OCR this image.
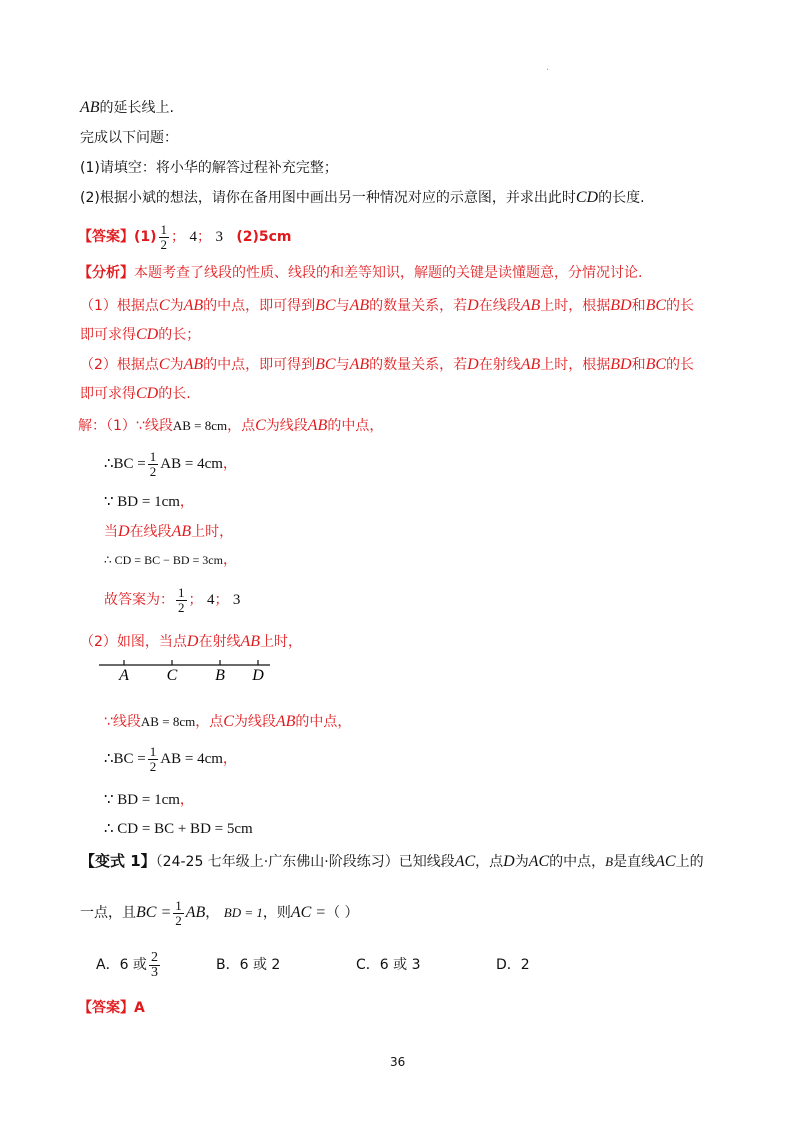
.
AB的延长线上.
完成以下问题：
(1)请填空：将小华的解答过程补充完整；
(2)根据小斌的想法，请你在备用图中画出另一种情况对应的示意图，并求出此时CD的长度.
【答案】$(1) \frac{1}{2}$ ； 4； 3 (2)5cm
【分析】本题考查了线段的性质、线段的和差等知识，解题的关键是读懂题意，分情况讨论.
（1）根据点C为AB的中点，即可得到BC与AB的数量关系，若D在线段AB上时，根据BD和BC的长
即可求得CD的长；
（2）根据点C为AB的中点，即可得到BC与AB的数量关系，若D在射线AB上时，根据BD和BC的长
即可求得CD的长.
解：（1）∵线段AB = 8cm，点C为线段AB的中点，
∴BC = $\frac{1}{2}$ AB = 4cm，
∵ BD = 1cm，
当D在线段AB上时，
∴ CD = BC − BD = 3cm，
故答案为： $\frac{1}{2}$ ； 4； 3
（2）如图，当点D在射线AB上时，
A C B D
∵线段AB = 8cm，点C为线段AB的中点，
∴BC = $\frac{1}{2}$ AB = 4cm，
∵ BD = 1cm，
∴ CD = BC + BD = 5cm
【变式 1】（24-25 七年级上·广东佛山·阶段练习）已知线段AC，点D为AC的中点，B是直线AC上的
一点，且BC = $\frac{1}{2}$ AB， BD = 1，则AC =（ ）
A．6 或 $\frac{2}{3}$	B．6 或 2	C．6 或 3	D．2
【答案】A
36
